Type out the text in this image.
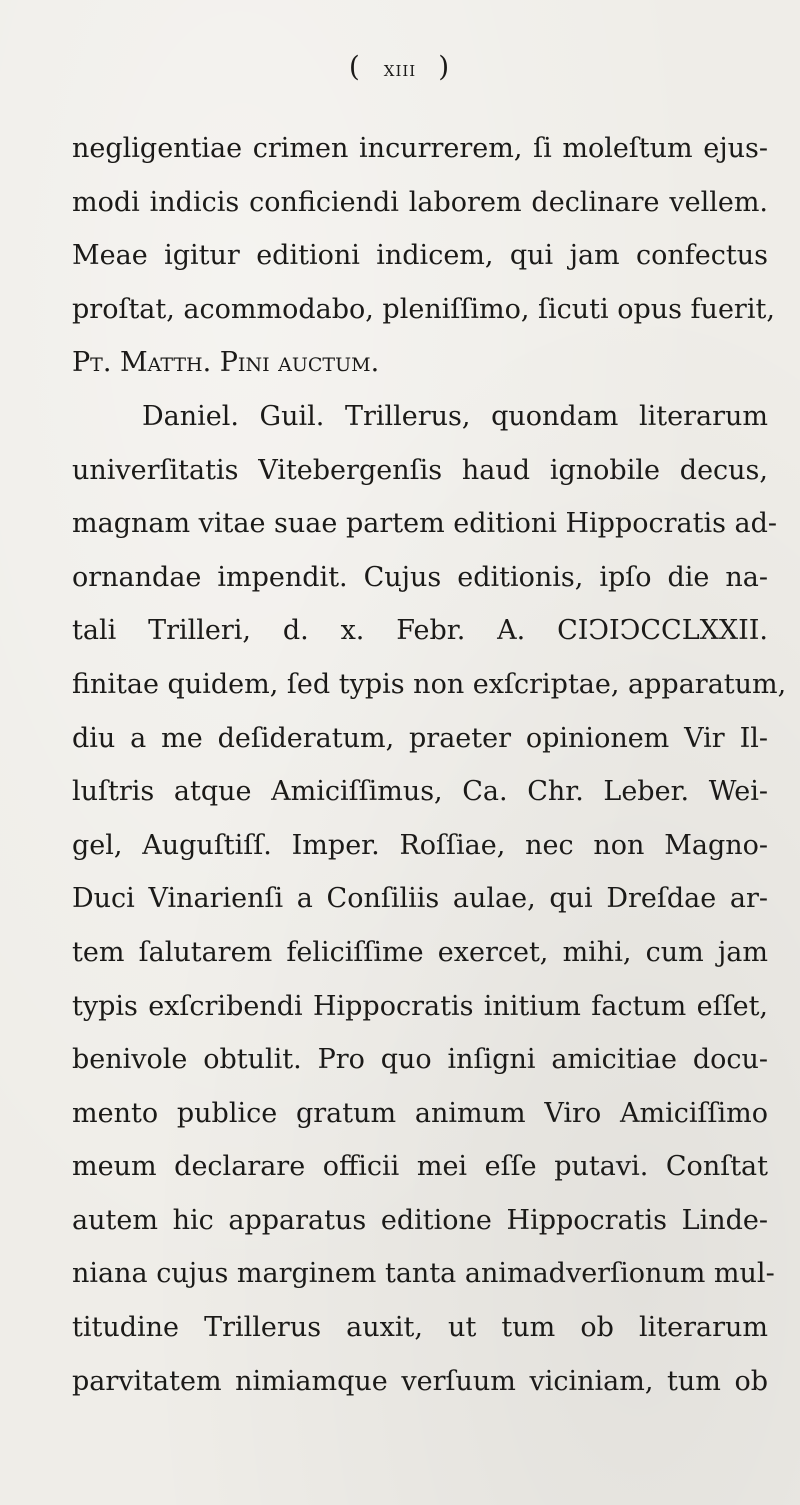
( xiii )
negligentiae crimen incurrerem, ſi moleſtum ejus-
modi indicis conficiendi laborem declinare vellem.
Meae igitur editioni indicem, qui jam confectus
proſtat, acommodabo, pleniſſimo, ſicuti opus fuerit,
Pt. Matth. Pini auctum.
Daniel. Guil. Trillerus, quondam literarum
univerſitatis Vitebergenſis haud ignobile decus,
magnam vitae suae partem editioni Hippocratis ad-
ornandae impendit. Cujus editionis, ipſo die na-
tali Trilleri, d. x. Febr. A. CIↃIↃCCLXXII.
finitae quidem, ſed typis non exſcriptae, apparatum,
diu a me deſideratum, praeter opinionem Vir Il-
luſtris atque Amiciſſimus, Ca. Chr. Leber. Wei-
gel, Auguſtiſſ. Imper. Roſſiae, nec non Magno-
Duci Vinarienſi a Conſiliis aulae, qui Dreſdae ar-
tem ſalutarem feliciſſime exercet, mihi, cum jam
typis exſcribendi Hippocratis initium factum eſſet,
benivole obtulit. Pro quo inſigni amicitiae docu-
mento publice gratum animum Viro Amiciſſimo
meum declarare officii mei eſſe putavi. Conſtat
autem hic apparatus editione Hippocratis Linde-
niana cujus marginem tanta animadverſionum mul-
titudine Trillerus auxit, ut tum ob literarum
parvitatem nimiamque verſuum viciniam, tum ob
